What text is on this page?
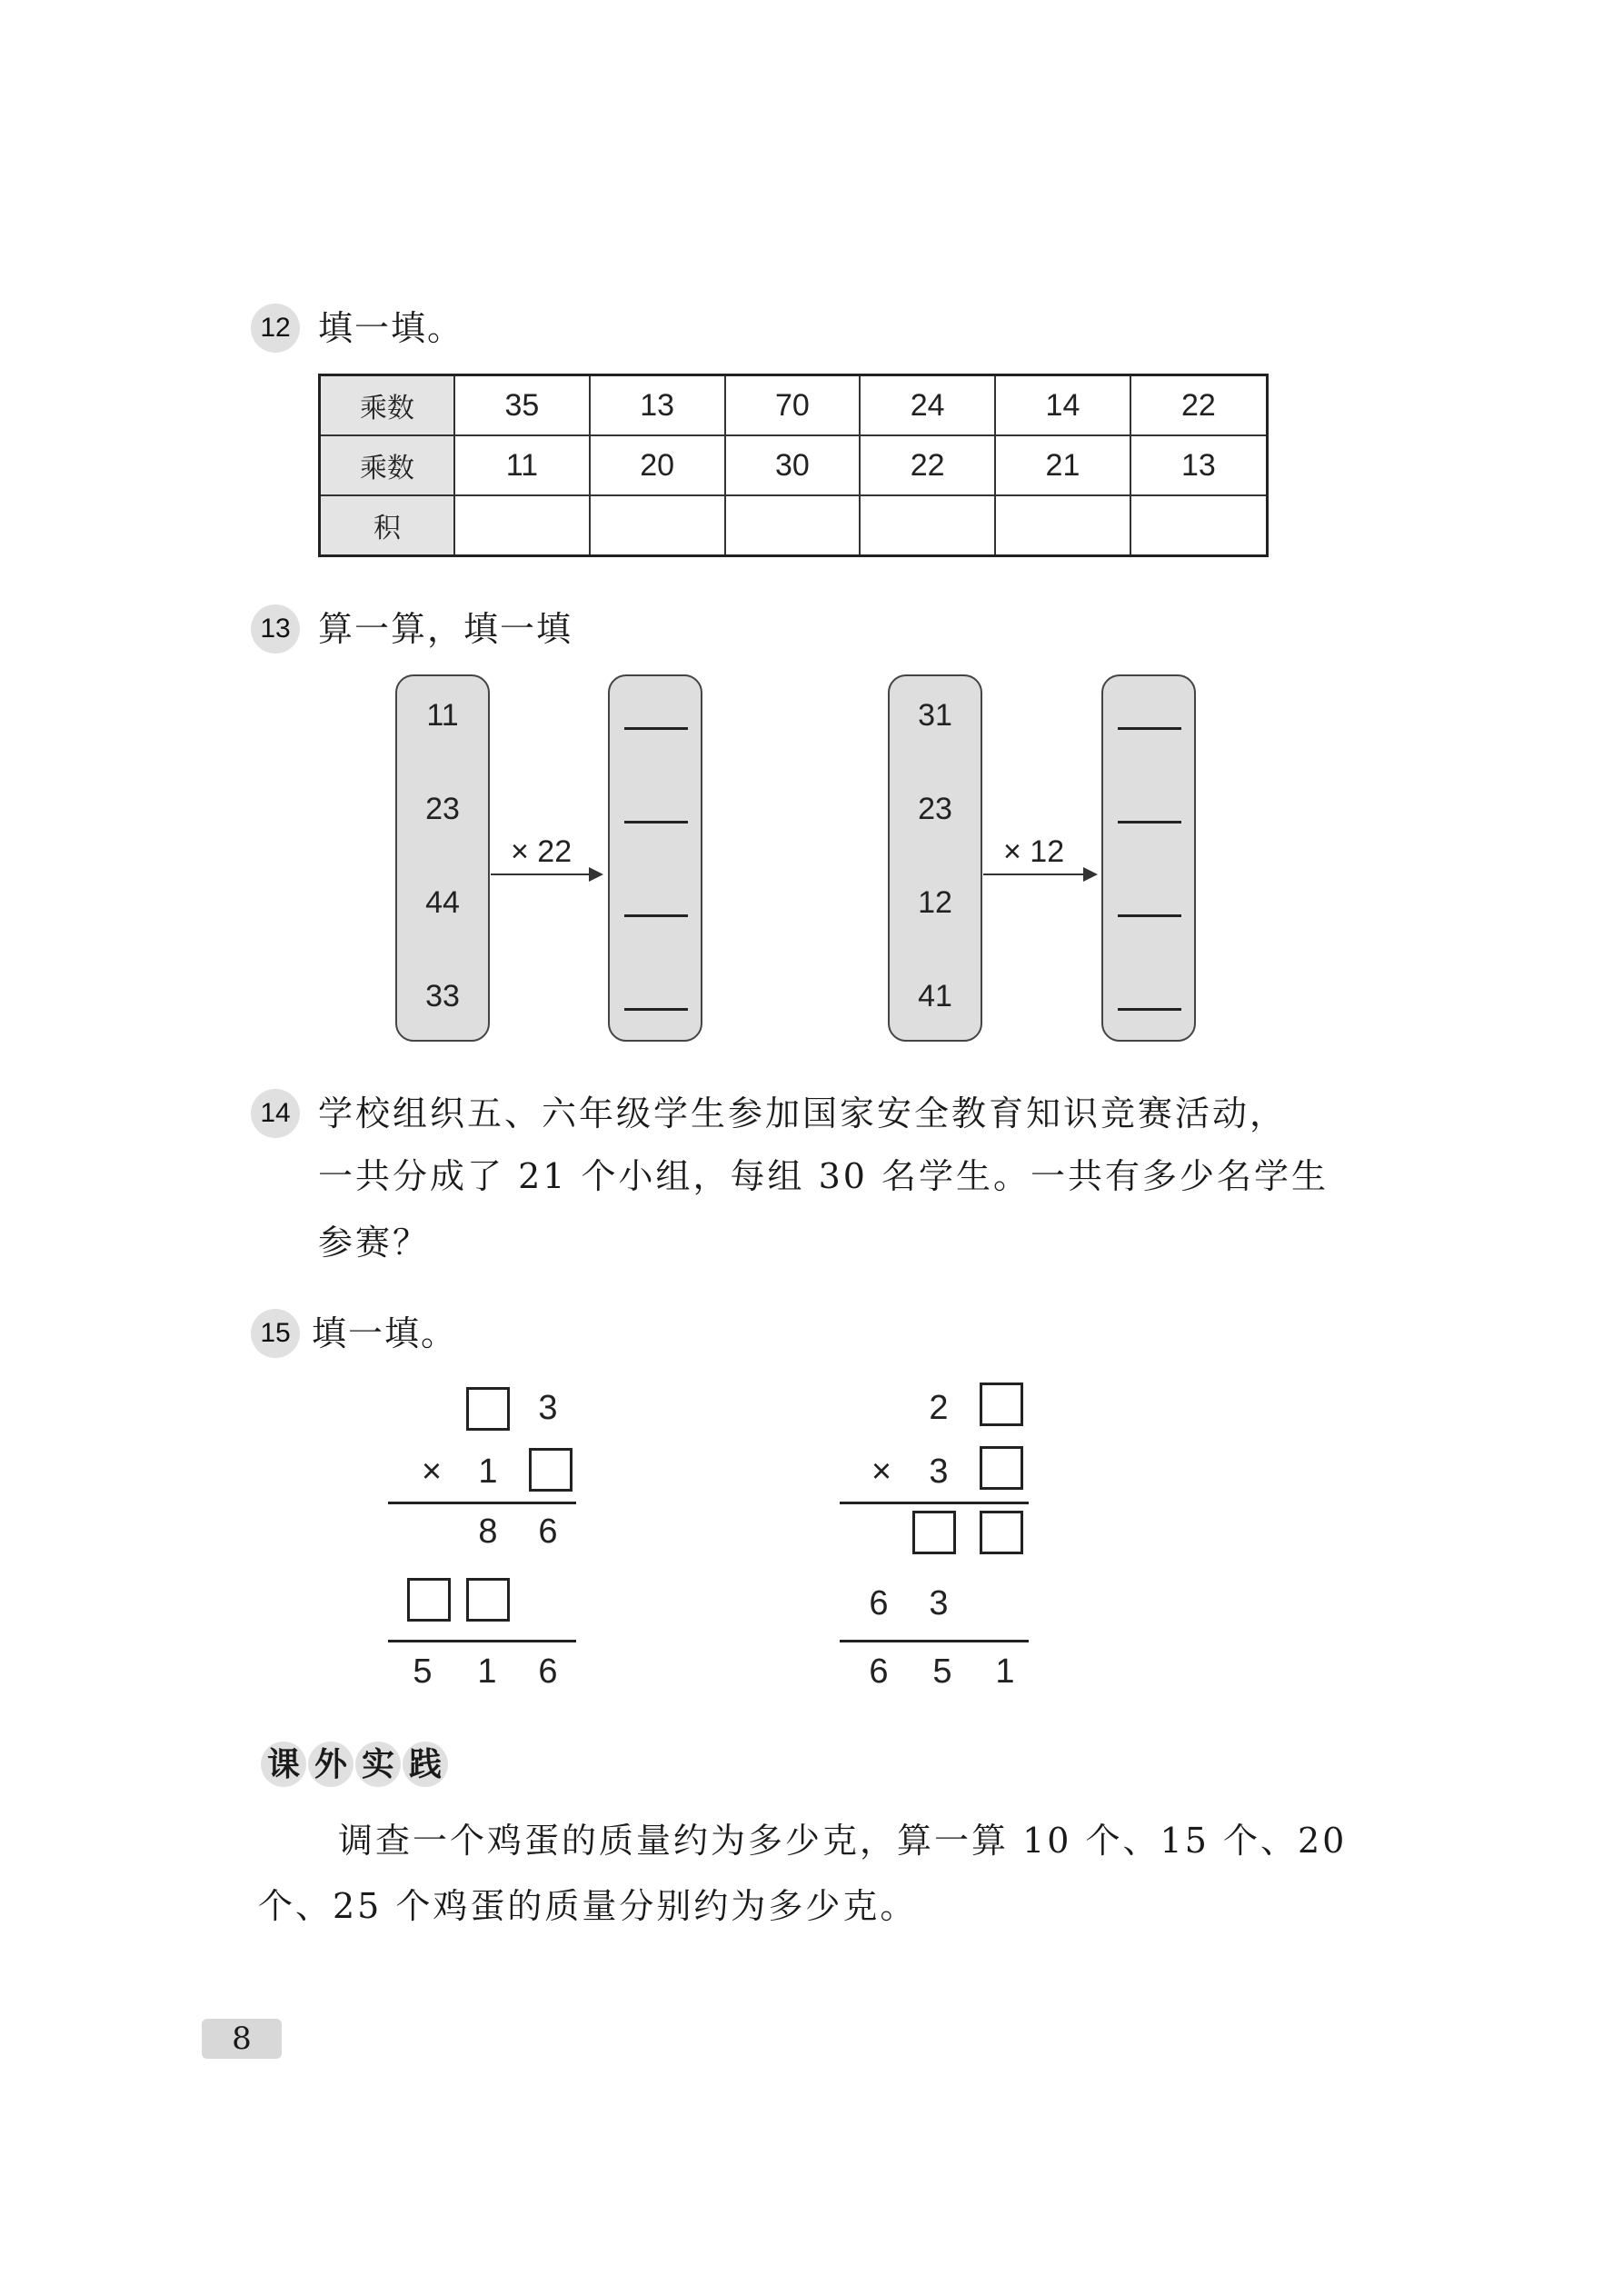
12 填一填。
乘数	35	13	70	24	14	22
乘数	11	20	30	22	21	13
积						
13 算一算，填一填
11
23
44
33
× 22
31
23
12
41
× 12
14 学校组织五、六年级学生参加国家安全教育知识竞赛活动，
一共分成了 21 个小组，每组 30 名学生。一共有多少名学生
参赛？
15 填一填。
3
× 1
8 6
5 1 6
2
× 3
6 3
6 5 1
课 外 实 践
调查一个鸡蛋的质量约为多少克，算一算 10 个、15 个、20
个、25 个鸡蛋的质量分别约为多少克。
8
